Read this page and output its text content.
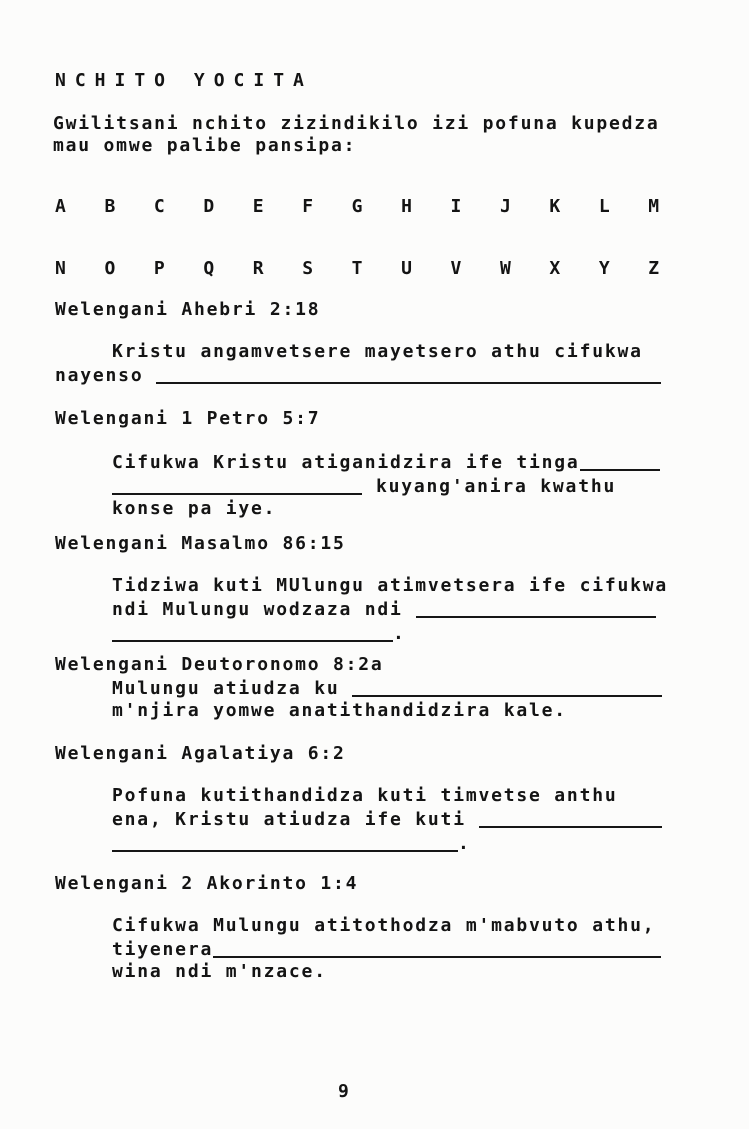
NCHITO YOCITA
Gwilitsani nchito zizindikilo izi pofuna kupedza
mau omwe palibe pansipa:
A B C D E F G H I J K L M
N O P Q R S T U V W X Y Z
Welengani Ahebri 2:18
Kristu angamvetsere mayetsero athu cifukwa
nayenso
Welengani 1 Petro 5:7
Cifukwa Kristu atiganidzira ife tinga
kuyang'anira kwathu
konse pa iye.
Welengani Masalmo 86:15
Tidziwa kuti MUlungu atimvetsera ife cifukwa
ndi Mulungu wodzaza ndi
.
Welengani Deutoronomo 8:2a
Mulungu atiudza ku
m'njira yomwe anatithandidzira kale.
Welengani Agalatiya 6:2
Pofuna kutithandidza kuti timvetse anthu
ena, Kristu atiudza ife kuti
.
Welengani 2 Akorinto 1:4
Cifukwa Mulungu atitothodza m'mabvuto athu,
tiyenera
wina ndi m'nzace.
9
